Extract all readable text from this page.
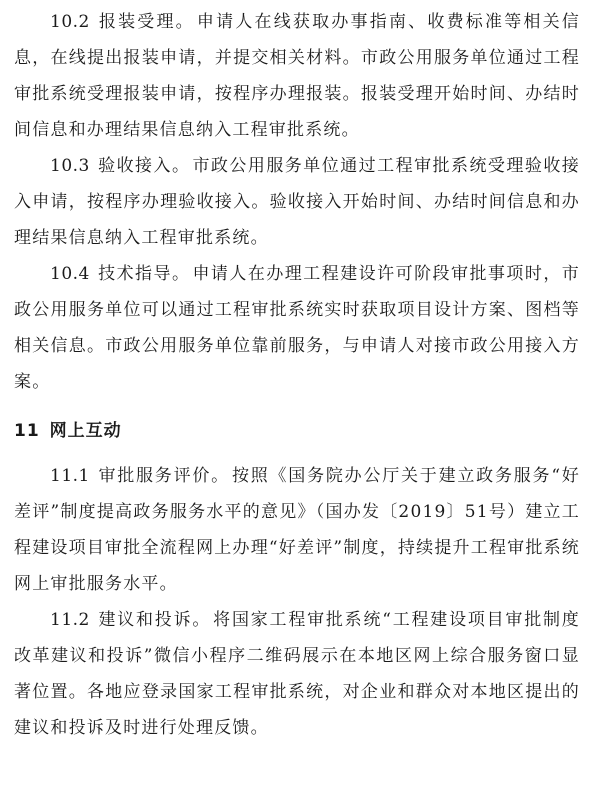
10.2 报装受理。 申请人在线获取办事指南、收费标准等相关信息，在线提出报装申请，并提交相关材料。市政公用服务单位通过工程审批系统受理报装申请，按程序办理报装。报装受理开始时间、办结时间信息和办理结果信息纳入工程审批系统。

10.3 验收接入。 市政公用服务单位通过工程审批系统受理验收接入申请，按程序办理验收接入。验收接入开始时间、办结时间信息和办理结果信息纳入工程审批系统。

10.4 技术指导。 申请人在办理工程建设许可阶段审批事项时，市政公用服务单位可以通过工程审批系统实时获取项目设计方案、图档等相关信息。市政公用服务单位靠前服务，与申请人对接市政公用接入方案。

11 网上互动

11.1 审批服务评价。 按照《国务院办公厅关于建立政务服务“好差评”制度提高政务服务水平的意见》（国办发〔2019〕51号）建立工程建设项目审批全流程网上办理“好差评”制度，持续提升工程审批系统网上审批服务水平。

11.2 建议和投诉。 将国家工程审批系统“工程建设项目审批制度改革建议和投诉”微信小程序二维码展示在本地区网上综合服务窗口显著位置。各地应登录国家工程审批系统，对企业和群众对本地区提出的建议和投诉及时进行处理反馈。
